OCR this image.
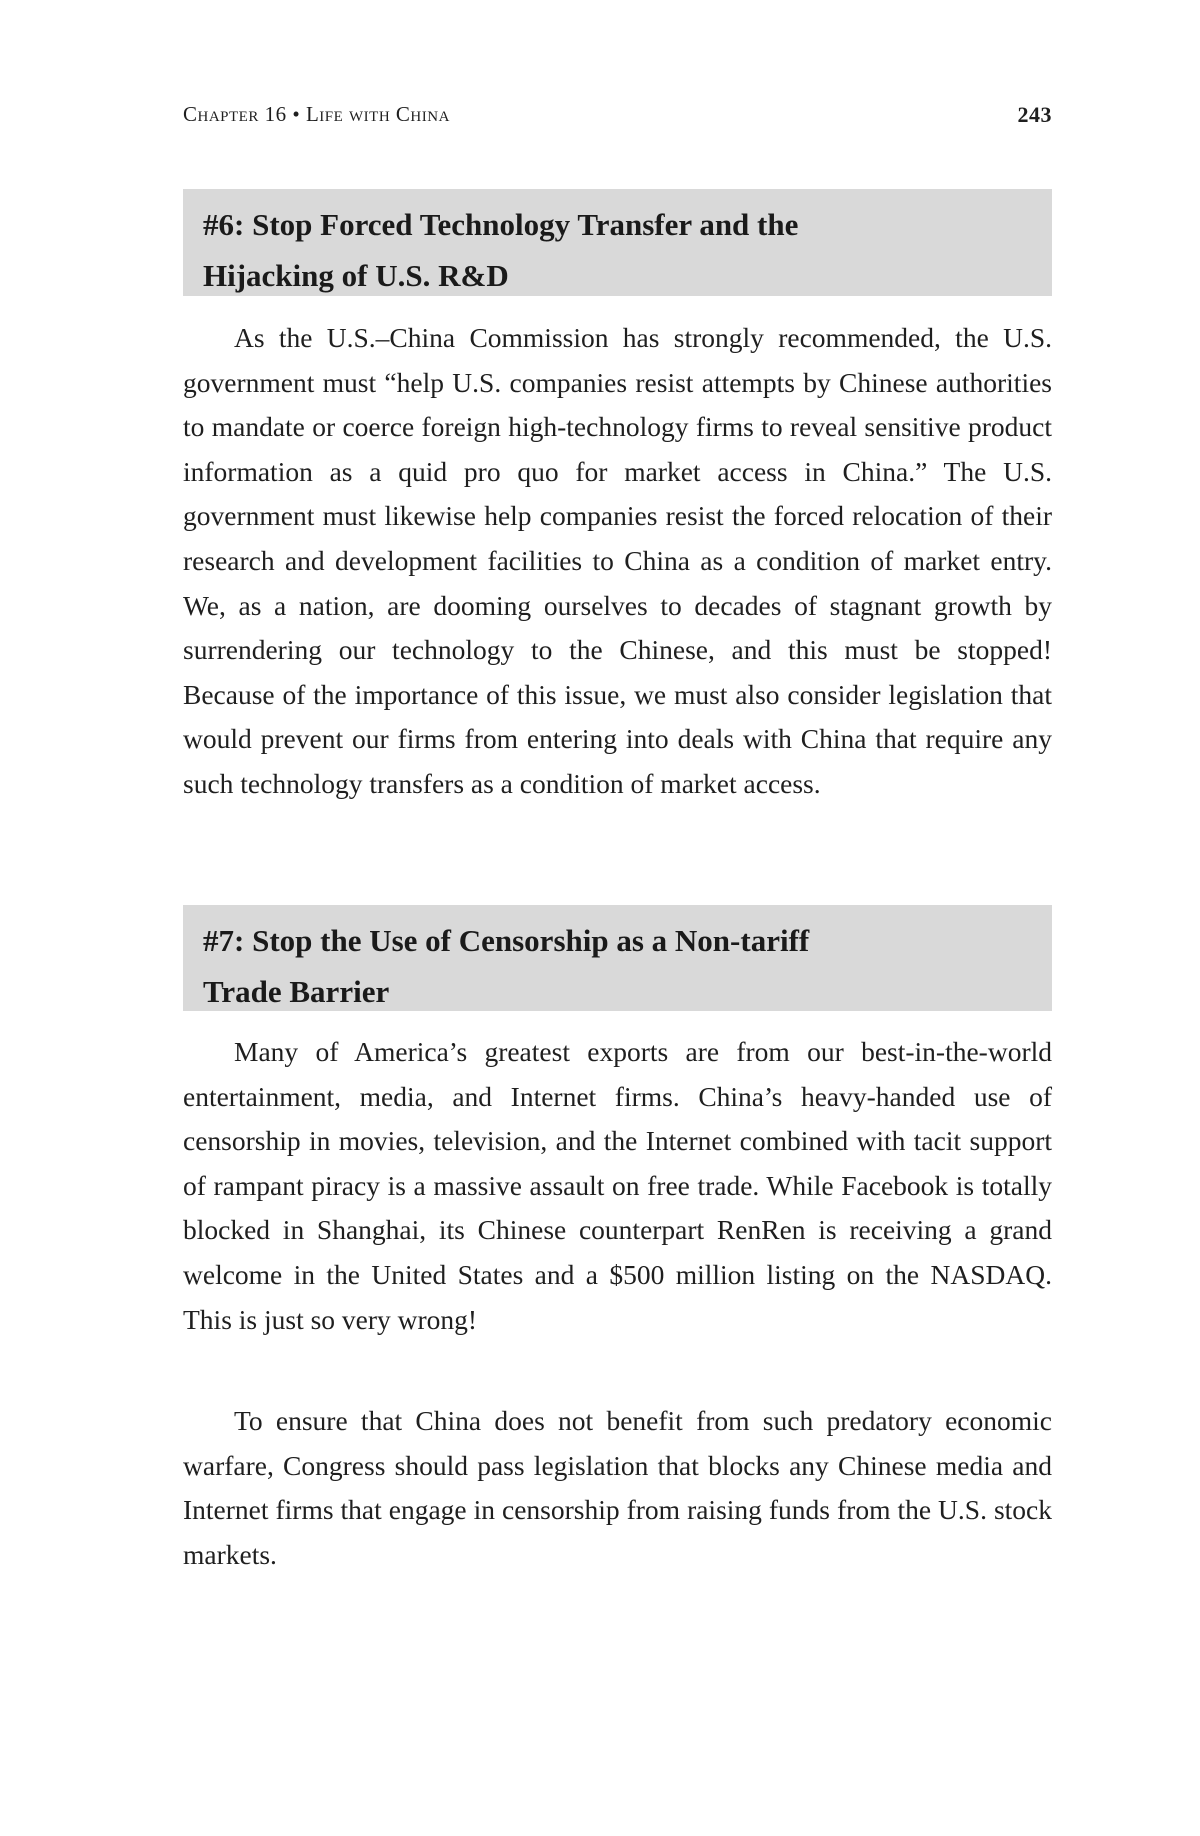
Chapter 16 • Life with China	243
#6: Stop Forced Technology Transfer and the
Hijacking of U.S. R&D

As the U.S.–China Commission has strongly recommended, the U.S. government must “help U.S. companies resist attempts by Chinese authorities to mandate or coerce foreign high-technology firms to reveal sensitive product information as a quid pro quo for market access in China.” The U.S. government must likewise help companies resist the forced relocation of their research and development facilities to China as a condition of market entry. We, as a nation, are dooming ourselves to decades of stagnant growth by surrendering our technology to the Chinese, and this must be stopped! Because of the importance of this issue, we must also consider legislation that would prevent our firms from entering into deals with China that require any such technology transfers as a condition of market access.

#7: Stop the Use of Censorship as a Non-tariff
Trade Barrier

Many of America’s greatest exports are from our best-in-the-world entertainment, media, and Internet firms. China’s heavy-handed use of censorship in movies, television, and the Internet combined with tacit support of rampant piracy is a massive assault on free trade. While Facebook is totally blocked in Shanghai, its Chinese counterpart RenRen is receiving a grand welcome in the United States and a $500 million listing on the NASDAQ. This is just so very wrong!

To ensure that China does not benefit from such predatory economic warfare, Congress should pass legislation that blocks any Chinese media and Internet firms that engage in censorship from raising funds from the U.S. stock markets.
